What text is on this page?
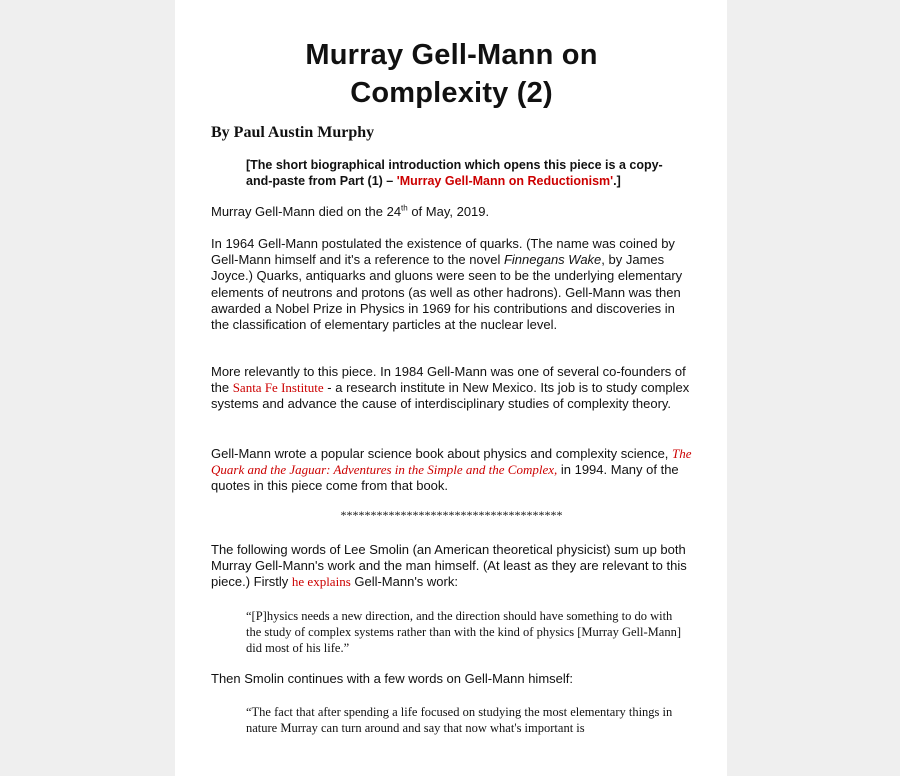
Murray Gell-Mann on
Complexity (2)
By Paul Austin Murphy
[The short biographical introduction which opens this piece is a copy-and-paste from Part (1) – 'Murray Gell-Mann on Reductionism'.]
Murray Gell-Mann died on the 24th of May, 2019.
In 1964 Gell-Mann postulated the existence of quarks. (The name was coined by Gell-Mann himself and it's a reference to the novel Finnegans Wake, by James Joyce.) Quarks, antiquarks and gluons were seen to be the underlying elementary elements of neutrons and protons (as well as other hadrons). Gell-Mann was then awarded a Nobel Prize in Physics in 1969 for his contributions and discoveries in the classification of elementary particles at the nuclear level.
More relevantly to this piece. In 1984 Gell-Mann was one of several co-founders of the Santa Fe Institute - a research institute in New Mexico. Its job is to study complex systems and advance the cause of interdisciplinary studies of complexity theory.
Gell-Mann wrote a popular science book about physics and complexity science, The Quark and the Jaguar: Adventures in the Simple and the Complex, in 1994. Many of the quotes in this piece come from that book.
*************************************
The following words of Lee Smolin (an American theoretical physicist) sum up both Murray Gell-Mann's work and the man himself. (At least as they are relevant to this piece.) Firstly he explains Gell-Mann's work:
“[P]hysics needs a new direction, and the direction should have something to do with the study of complex systems rather than with the kind of physics [Murray Gell-Mann] did most of his life.”
Then Smolin continues with a few words on Gell-Mann himself:
“The fact that after spending a life focused on studying the most elementary things in nature Murray can turn around and say that now what's important is
